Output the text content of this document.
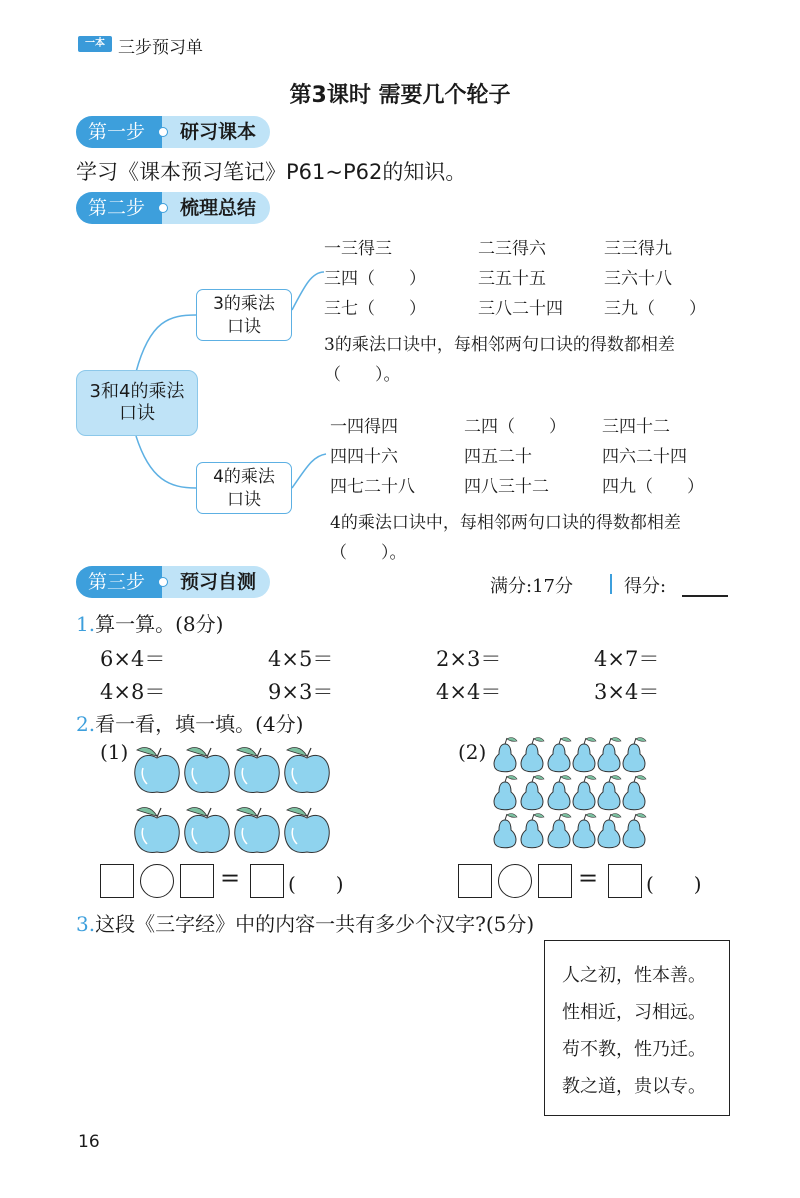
一本 三步预习单
第3课时 需要几个轮子
第一步	研习课本
学习《课本预习笔记》P61~P62的知识。
第二步	梳理总结
3和4的乘法口诀
3的乘法口诀
4的乘法口诀
一三得三	二三得六	三三得九
三四（　　）	三五十五	三六十八
三七（　　）	三八二十四 三九（　　）
3的乘法口诀中，每相邻两句口诀的得数都相差（　　）。
一四得四	二四（　　） 三四十二
四四十六	四五二十	四六二十四
四七二十八	四八三十二	四九（　　）
4的乘法口诀中，每相邻两句口诀的得数都相差（　　）。
第三步	预习自测	满分:17分	得分:
1.算一算。(8分)
6×4＝	4×5＝	2×3＝	4×7＝
4×8＝	9×3＝	4×4＝	3×4＝
2.看一看，填一填。(4分)
(1)	(2)
= (　　)	= (　　)
3.这段《三字经》中的内容一共有多少个汉字?(5分)
人之初，性本善。
性相近，习相远。
苟不教，性乃迁。
教之道，贵以专。
16
